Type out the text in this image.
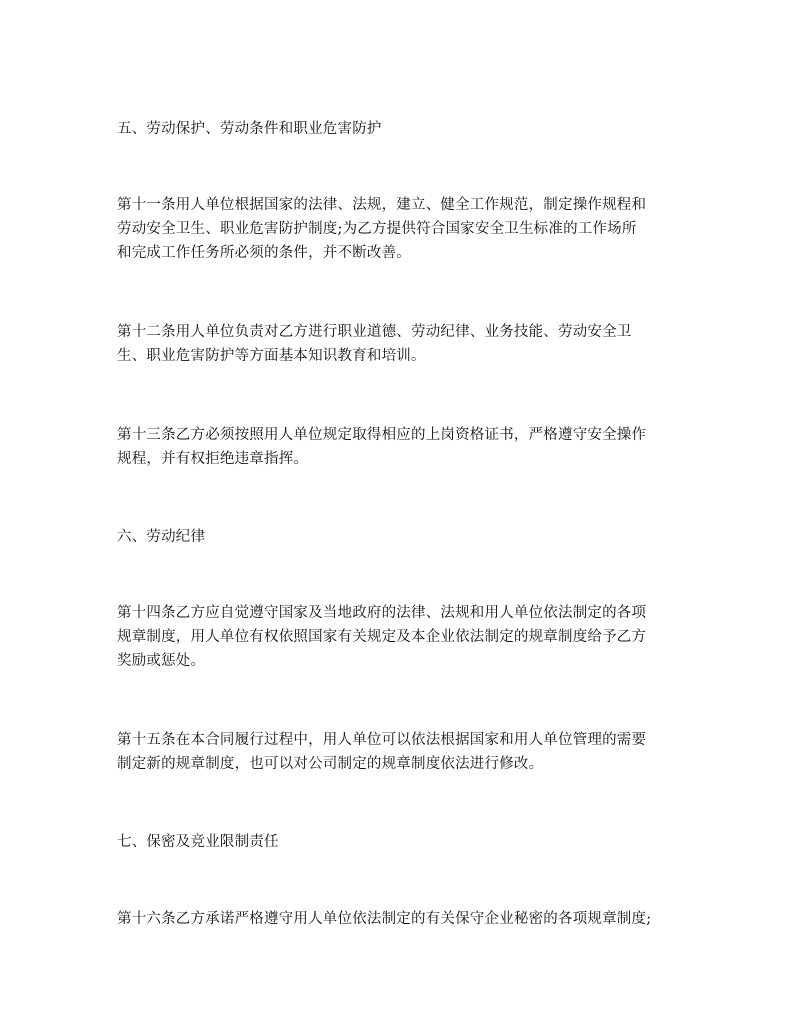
五、劳动保护、劳动条件和职业危害防护
第十一条用人单位根据国家的法律、法规，建立、健全工作规范，制定操作规程和
劳动安全卫生、职业危害防护制度;为乙方提供符合国家安全卫生标准的工作场所
和完成工作任务所必须的条件，并不断改善。
第十二条用人单位负责对乙方进行职业道德、劳动纪律、业务技能、劳动安全卫
生、职业危害防护等方面基本知识教育和培训。
第十三条乙方必须按照用人单位规定取得相应的上岗资格证书，严格遵守安全操作
规程，并有权拒绝违章指挥。
六、劳动纪律
第十四条乙方应自觉遵守国家及当地政府的法律、法规和用人单位依法制定的各项
规章制度，用人单位有权依照国家有关规定及本企业依法制定的规章制度给予乙方
奖励或惩处。
第十五条在本合同履行过程中，用人单位可以依法根据国家和用人单位管理的需要
制定新的规章制度，也可以对公司制定的规章制度依法进行修改。
七、保密及竞业限制责任
第十六条乙方承诺严格遵守用人单位依法制定的有关保守企业秘密的各项规章制度;
